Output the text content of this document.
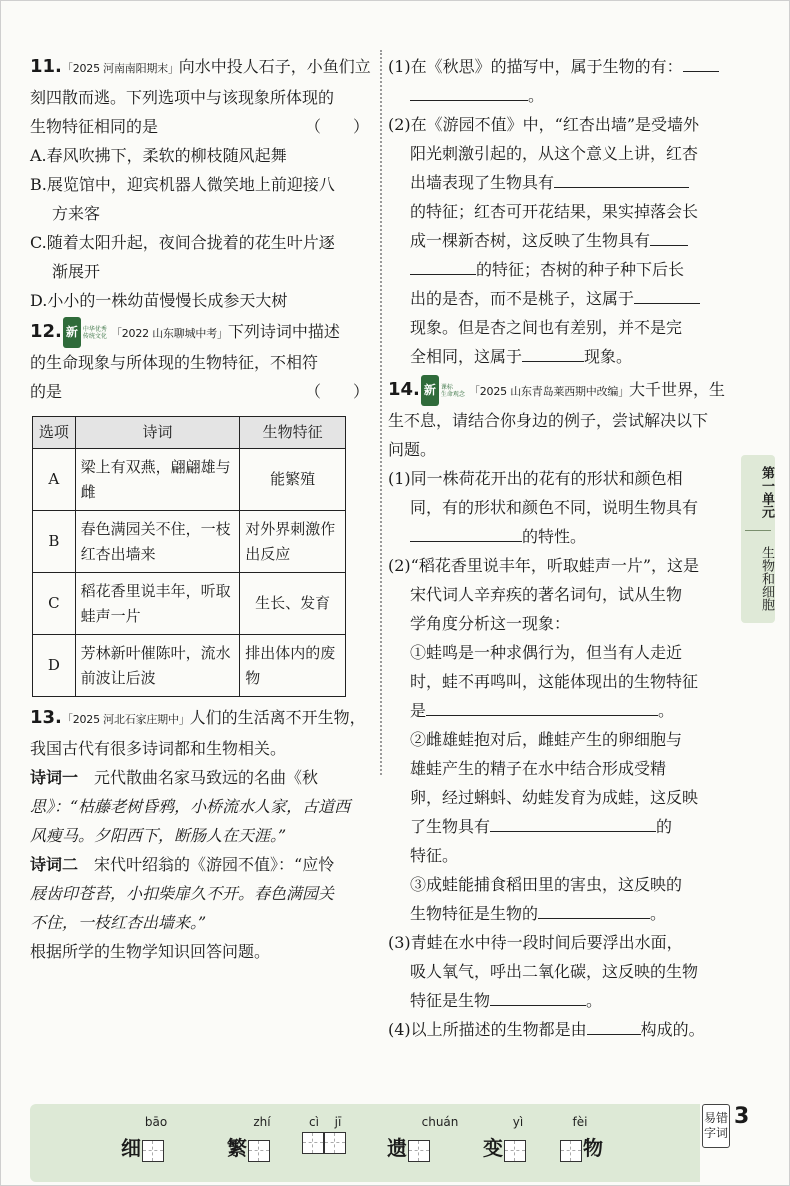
11.「2025 河南南阳期末」向水中投人石子，小鱼们立
刻四散而逃。下列选项中与该现象所体现的
生物特征相同的是	（　　）
A.春风吹拂下，柔软的柳枝随风起舞
B.展览馆中，迎宾机器人微笑地上前迎接八
方来客
C.随着太阳升起，夜间合拢着的花生叶片逐
渐展开
D.小小的一株幼苗慢慢长成参天大树
12. 新 中华优秀
传统文化 「2022 山东聊城中考」下列诗词中描述
的生命现象与所体现的生物特征，不相符
的是	（　　）
选项	诗词	生物特征
A	梁上有双燕，翩翩雄与雌	能繁殖
B	春色满园关不住，一枝红杏出墙来	对外界刺激作出反应
C	稻花香里说丰年，听取蛙声一片	生长、发育
D	芳林新叶催陈叶，流水前波让后波	排出体内的废物
13.「2025 河北石家庄期中」人们的生活离不开生物，
我国古代有很多诗词都和生物相关。
诗词一　元代散曲名家马致远的名曲《秋
思》：“枯藤老树昏鸦，小桥流水人家，古道西
风瘦马。夕阳西下，断肠人在天涯。”
诗词二　宋代叶绍翁的《游园不值》：“应怜
屐齿印苍苔，小扣柴扉久不开。春色满园关
不住，一枝红杏出墙来。”
根据所学的生物学知识回答问题。
(1)在《秋思》的描写中，属于生物的有：
。
(2)在《游园不值》中，“红杏出墙”是受墙外
阳光刺激引起的，从这个意义上讲，红杏
出墙表现了生物具有
的特征；红杏可开花结果，果实掉落会长
成一棵新杏树，这反映了生物具有
的特征；杏树的种子种下后长
出的是杏，而不是桃子，这属于
现象。但是杏之间也有差别，并不是完
全相同，这属于	现象。
14. 新 课标
生命观念 「2025 山东青岛莱西期中改编」大千世界，生
生不息，请结合你身边的例子，尝试解决以下
问题。
(1)同一株荷花开出的花有的形状和颜色相
同，有的形状和颜色不同，说明生物具有
的特性。
(2)“稻花香里说丰年，听取蛙声一片”，这是
宋代词人辛弃疾的著名词句，试从生物
学角度分析这一现象：
①蛙鸣是一种求偶行为，但当有人走近
时，蛙不再鸣叫，这能体现出的生物特征
是	。
②雌雄蛙抱对后，雌蛙产生的卵细胞与
雄蛙产生的精子在水中结合形成受精
卵，经过蝌蚪、幼蛙发育为成蛙，这反映
了生物具有	的
特征。
③成蛙能捕食稻田里的害虫，这反映的
生物特征是生物的	。
(3)青蛙在水中待一段时间后要浮出水面，
吸人氧气，呼出二氧化碳，这反映的生物
特征是生物	。
(4)以上所描述的生物都是由	构成的。
第一单元
生物和细胞
bāo
细
zhí
繁
cì	jī	chuán
遗
yì
变
fèi
物
易错字词
3
